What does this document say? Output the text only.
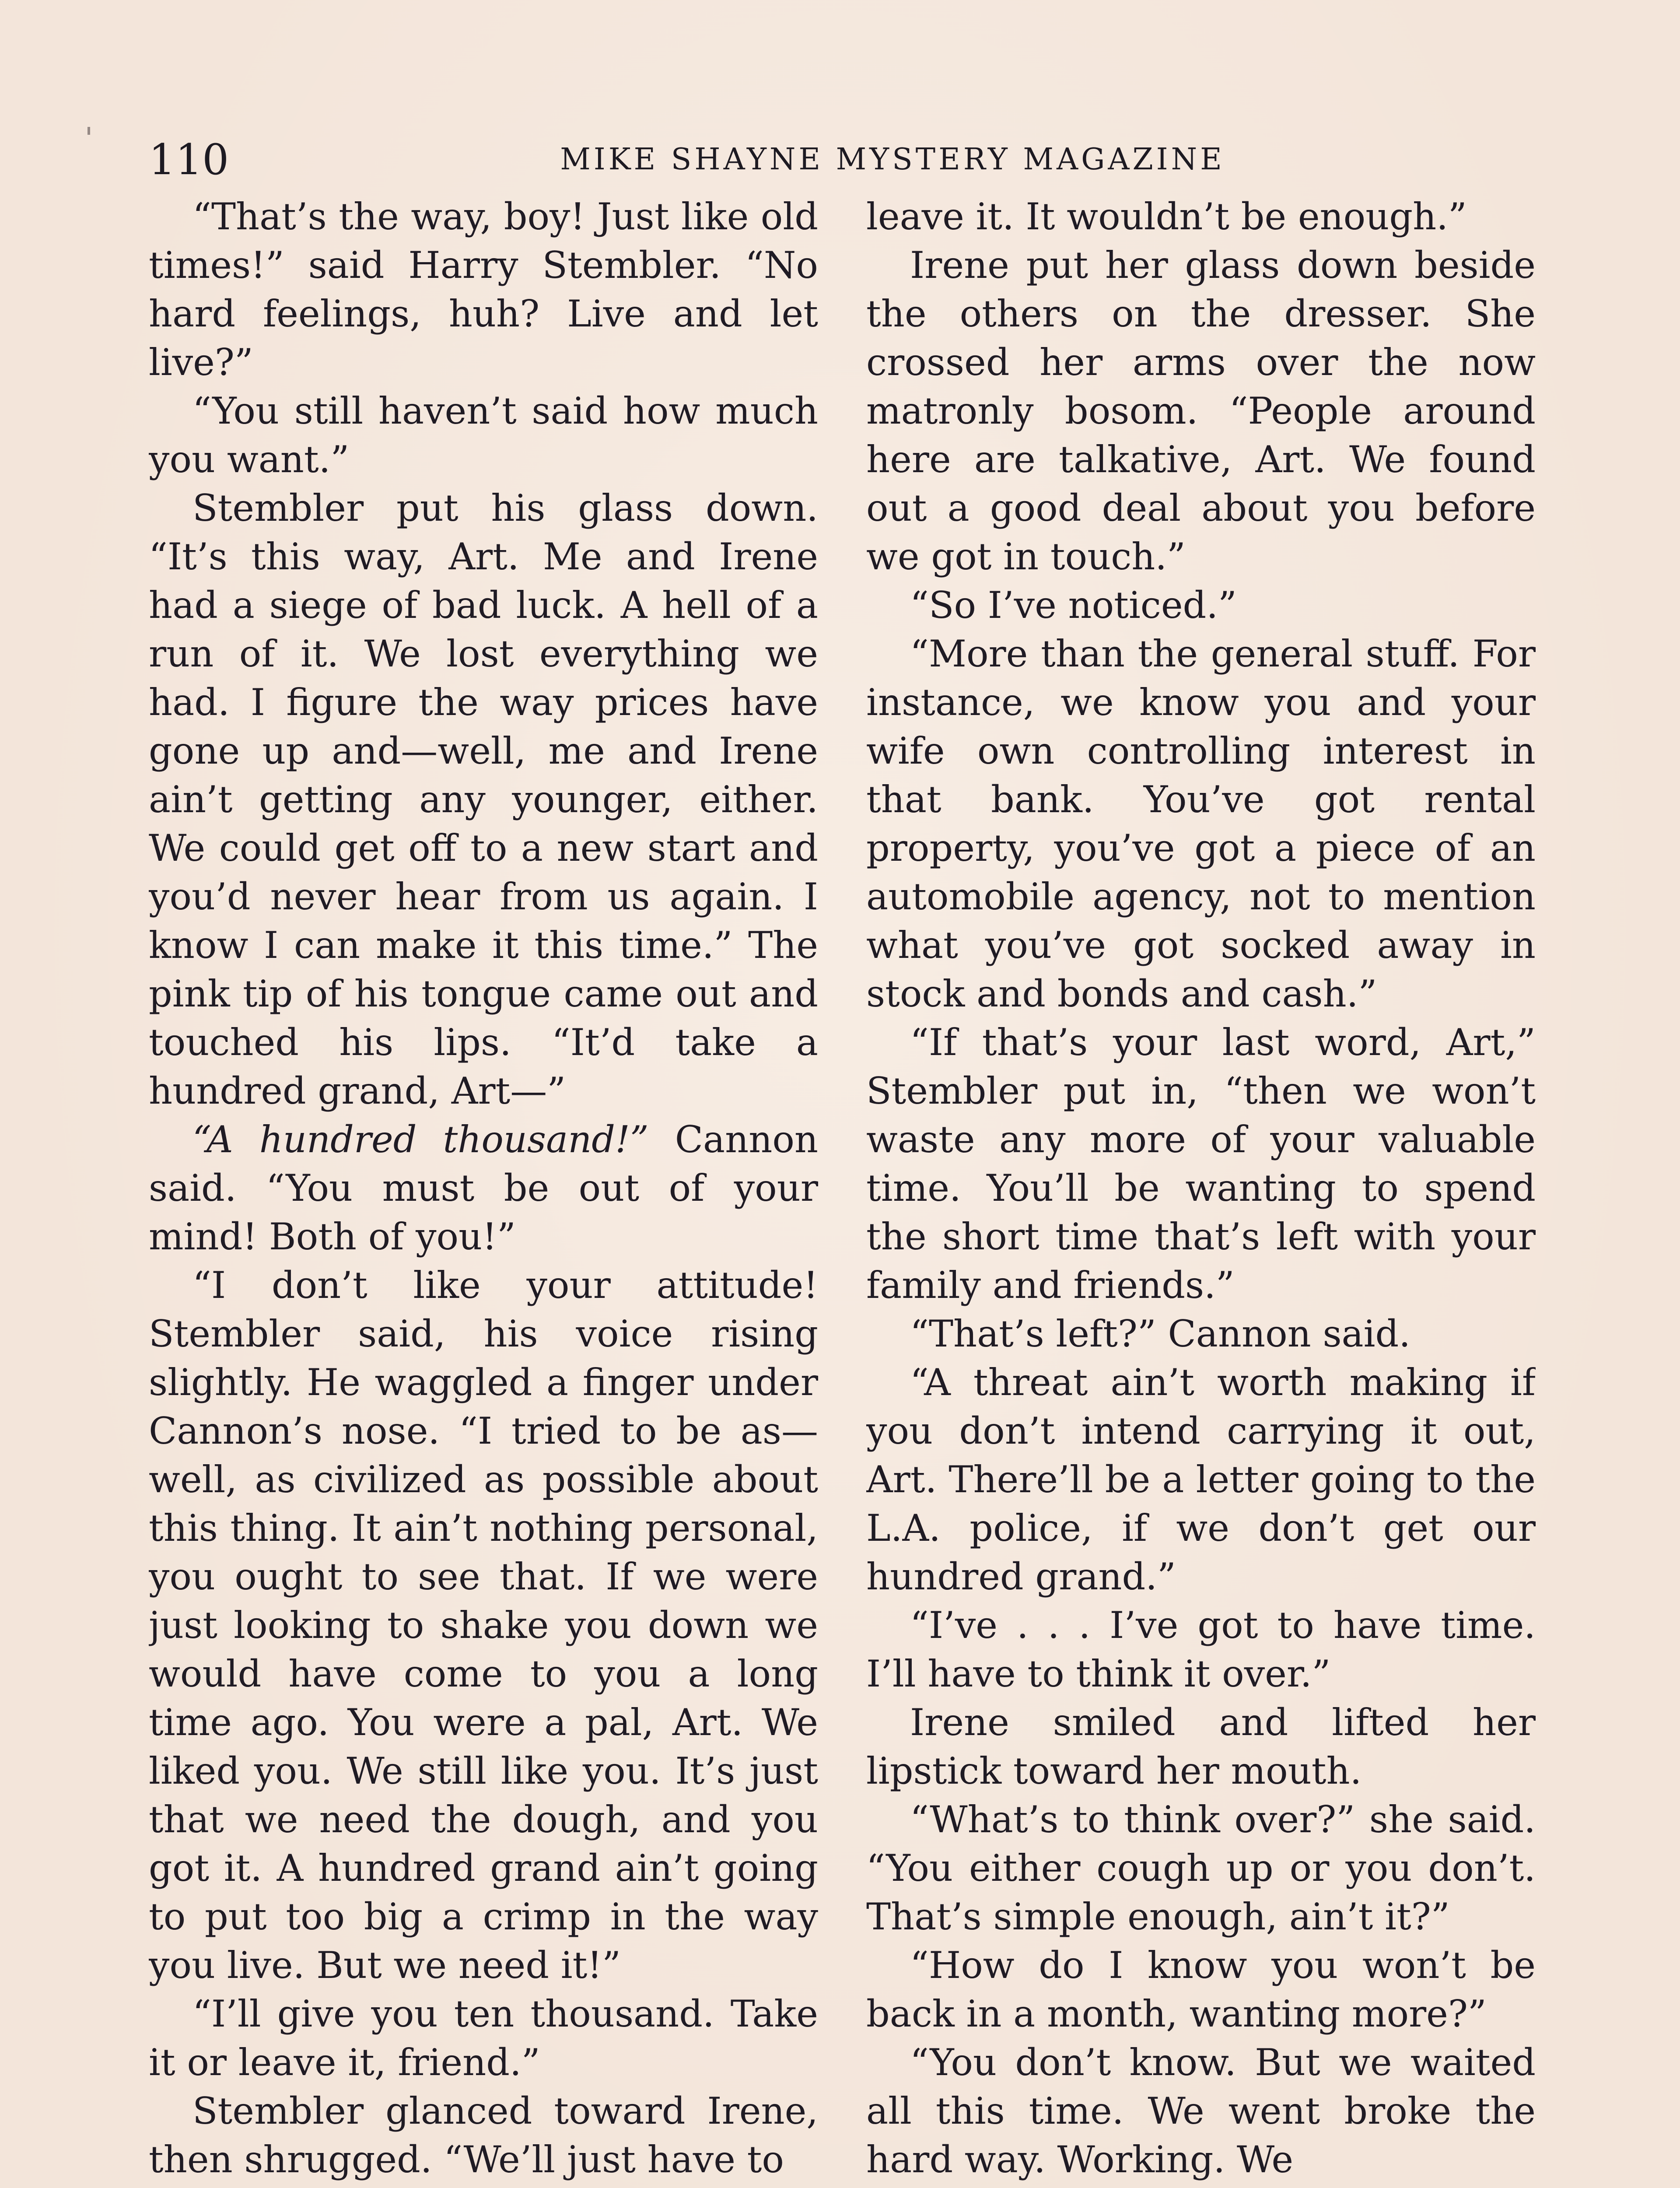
110	MIKE SHAYNE MYSTERY MAGAZINE

“That’s the way, boy! Just like old times!” said Harry Stembler. “No hard feelings, huh? Live and let live?”

“You still haven’t said how much you want.”

Stembler put his glass down. “It’s this way, Art. Me and Irene had a siege of bad luck. A hell of a run of it. We lost everything we had. I figure the way prices have gone up and—well, me and Irene ain’t getting any younger, either. We could get off to a new start and you’d never hear from us again. I know I can make it this time.” The pink tip of his tongue came out and touched his lips. “It’d take a hundred grand, Art—”

“A hundred thousand!” Cannon said. “You must be out of your mind! Both of you!”

“I don’t like your attitude! Stembler said, his voice rising slightly. He waggled a finger under Cannon’s nose. “I tried to be as—well, as civilized as possible about this thing. It ain’t nothing personal, you ought to see that. If we were just looking to shake you down we would have come to you a long time ago. You were a pal, Art. We liked you. We still like you. It’s just that we need the dough, and you got it. A hundred grand ain’t going to put too big a crimp in the way you live. But we need it!”

“I’ll give you ten thousand. Take it or leave it, friend.”

Stembler glanced toward Irene, then shrugged. “We’ll just have to

leave it. It wouldn’t be enough.”

Irene put her glass down beside the others on the dresser. She crossed her arms over the now matronly bosom. “People around here are talkative, Art. We found out a good deal about you before we got in touch.”

“So I’ve noticed.”

“More than the general stuff. For instance, we know you and your wife own controlling interest in that bank. You’ve got rental property, you’ve got a piece of an automobile agency, not to mention what you’ve got socked away in stock and bonds and cash.”

“If that’s your last word, Art,” Stembler put in, “then we won’t waste any more of your valuable time. You’ll be wanting to spend the short time that’s left with your family and friends.”

“That’s left?” Cannon said.

“A threat ain’t worth making if you don’t intend carrying it out, Art. There’ll be a letter going to the L.A. police, if we don’t get our hundred grand.”

“I’ve . . . I’ve got to have time. I’ll have to think it over.”

Irene smiled and lifted her lipstick toward her mouth.

“What’s to think over?” she said. “You either cough up or you don’t. That’s simple enough, ain’t it?”

“How do I know you won’t be back in a month, wanting more?”

“You don’t know. But we waited all this time. We went broke the hard way. Working. We
